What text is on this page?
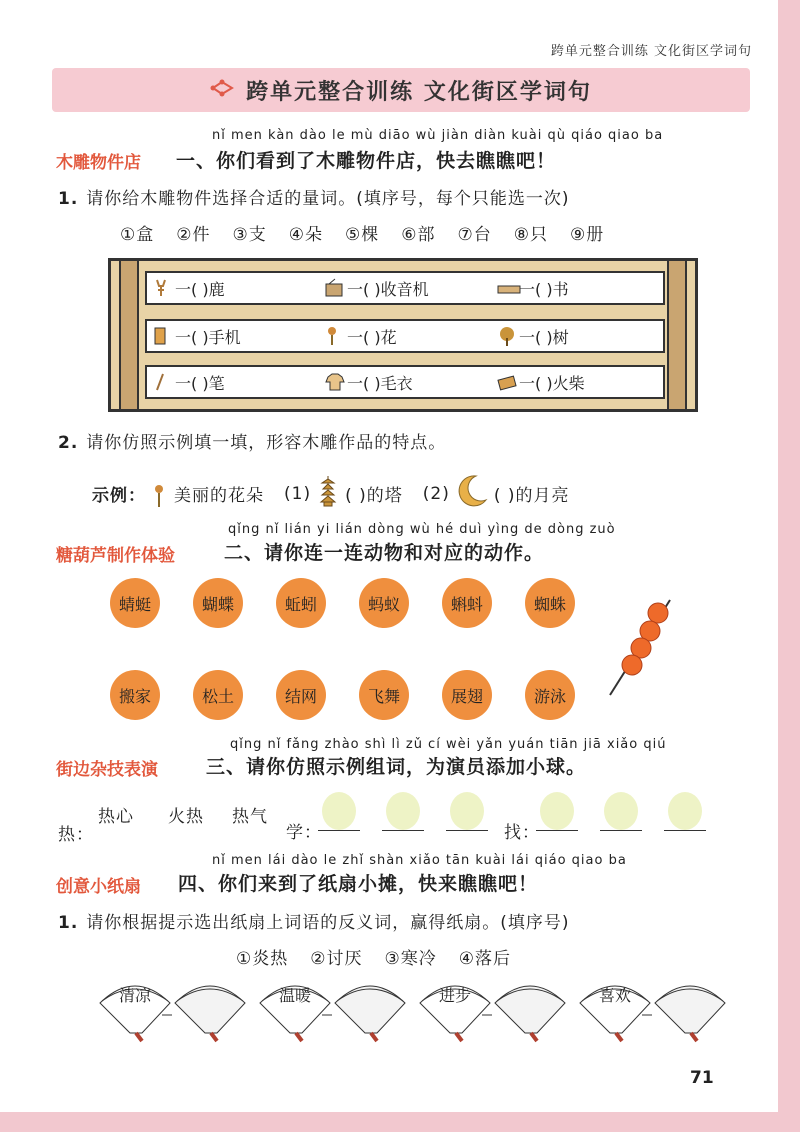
跨单元整合训练 文化街区学词句
跨单元整合训练 文化街区学词句
nǐ men kàn dào le mù diāo wù jiàn diàn kuài qù qiáo qiao ba
木雕物件店 一、你们看到了木雕物件店，快去瞧瞧吧！
1. 请你给木雕物件选择合适的量词。(填序号，每个只能选一次)
①盒 ②件 ③支 ④朵 ⑤棵 ⑥部 ⑦台 ⑧只 ⑨册
一( )鹿	一( )收音机	一( )书
一( )手机	一( )花	一( )树
一( )笔	一( )毛衣	一( )火柴
2. 请你仿照示例填一填，形容木雕作品的特点。
示例： 美丽的花朵 (1) ( )的塔 (2)	( )的月亮
qǐng nǐ lián yi lián dòng wù hé duì yìng de dòng zuò
糖葫芦制作体验	二、请你连一连动物和对应的动作。
蜻蜓	蝴蝶	蚯蚓	蚂蚁	蝌蚪	蜘蛛
搬家	松土	结网	飞舞	展翅	游泳
qǐng nǐ fǎng zhào shì lì zǔ cí wèi yǎn yuán tiān jiā xiǎo qiú
街边杂技表演	三、请你仿照示例组词，为演员添加小球。
热：
热心 火热 热气
学：	找：
nǐ men lái dào le zhǐ shàn xiǎo tān kuài lái qiáo qiao ba
创意小纸扇 四、你们来到了纸扇小摊，快来瞧瞧吧！
1. 请你根据提示选出纸扇上词语的反义词，赢得纸扇。(填序号)
①炎热 ②讨厌 ③寒冷 ④落后
清凉	温暖	进步	喜欢
71
